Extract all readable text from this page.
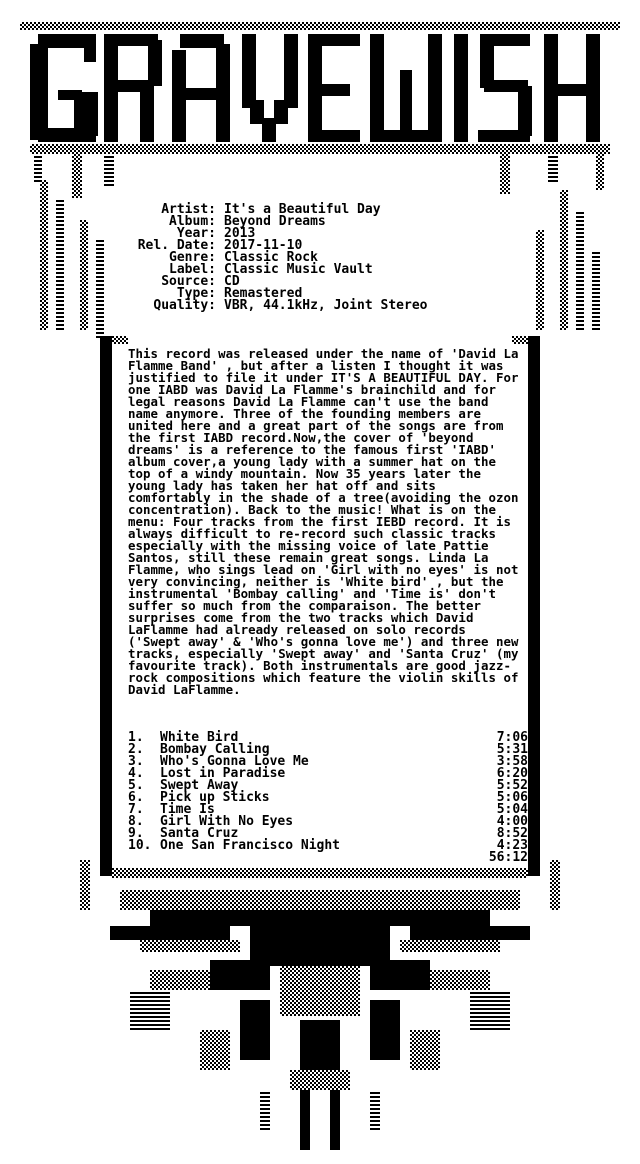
Artist: It's a Beautiful Day
Album: Beyond Dreams
Year: 2013
Rel. Date: 2017-11-10
Genre: Classic Rock
Label: Classic Music Vault
Source: CD
Type: Remastered
Quality: VBR, 44.1kHz, Joint Stereo
This record was released under the name of 'David La Flamme Band' , but after a listen I thought it was justified to file it under IT'S A BEAUTIFUL DAY. For one IABD was David La Flamme's brainchild and for legal reasons David La Flamme can't use the band name anymore. Three of the founding members are united here and a great part of the songs are from the first IABD record.Now,the cover of 'beyond dreams' is a reference to the famous first 'IABD' album cover,a young lady with a summer hat on the top of a windy mountain. Now 35 years later the young lady has taken her hat off and sits comfortably in the shade of a tree(avoiding the ozon concentration). Back to the music! What is on the menu: Four tracks from the first IEBD record. It is always difficult to re-record such classic tracks especially with the missing voice of late Pattie Santos, still these remain great songs. Linda La Flamme, who sings lead on 'Girl with no eyes' is not very convincing, neither is 'White bird' , but the instrumental 'Bombay calling' and 'Time is' don't suffer so much from the comparaison. The better surprises come from the two tracks which David LaFlamme had already released on solo records ('Swept away' & 'Who's gonna love me') and three new tracks, especially 'Swept away' and 'Santa Cruz' (my favourite track). Both instrumentals are good jazz-rock compositions which feature the violin skills of David LaFlamme.
1.	White Bird	7:06
2.	Bombay Calling	5:31
3.	Who's Gonna Love Me	3:58
4.	Lost in Paradise	6:20
5.	Swept Away	5:52
6.	Pick up Sticks	5:06
7.	Time Is	5:04
8.	Girl With No Eyes	4:00
9.	Santa Cruz	8:52
10. One San Francisco Night	4:23
56:12
